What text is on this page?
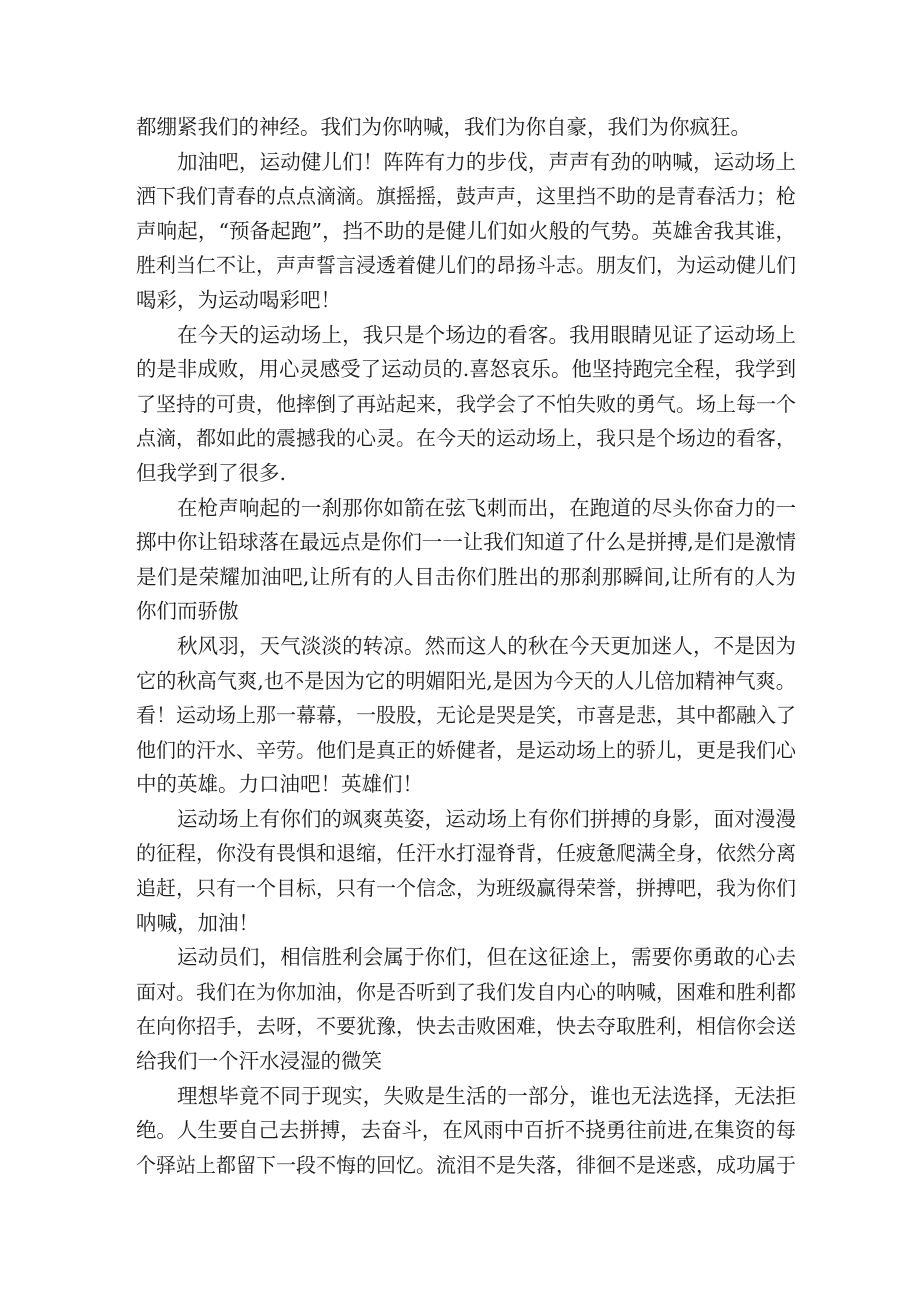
都绷紧我们的神经。我们为你呐喊，我们为你自豪，我们为你疯狂。
加油吧，运动健儿们！阵阵有力的步伐，声声有劲的呐喊，运动场上
洒下我们青春的点点滴滴。旗摇摇，鼓声声，这里挡不助的是青春活力；枪
声响起，“预备起跑”，挡不助的是健儿们如火般的气势。英雄舍我其谁，
胜利当仁不让，声声誓言浸透着健儿们的昂扬斗志。朋友们，为运动健儿们
喝彩，为运动喝彩吧！
在今天的运动场上，我只是个场边的看客。我用眼睛见证了运动场上
的是非成败，用心灵感受了运动员的.喜怒哀乐。他坚持跑完全程，我学到
了坚持的可贵，他摔倒了再站起来，我学会了不怕失败的勇气。场上每一个
点滴，都如此的震撼我的心灵。在今天的运动场上，我只是个场边的看客，
但我学到了很多.
在枪声响起的一刹那你如箭在弦飞刺而出，在跑道的尽头你奋力的一
掷中你让铅球落在最远点是你们一一让我们知道了什么是拼搏,是们是激情
是们是荣耀加油吧,让所有的人目击你们胜出的那刹那瞬间,让所有的人为
你们而骄傲
秋风羽，天气淡淡的转凉。然而这人的秋在今天更加迷人，不是因为
它的秋高气爽,也不是因为它的明媚阳光,是因为今天的人儿倍加精神气爽。
看！运动场上那一幕幕，一股股，无论是哭是笑，市喜是悲，其中都融入了
他们的汗水、辛劳。他们是真正的娇健者，是运动场上的骄儿，更是我们心
中的英雄。力口油吧！英雄们！
运动场上有你们的飒爽英姿，运动场上有你们拼搏的身影，面对漫漫
的征程，你没有畏惧和退缩，任汗水打湿脊背，任疲惫爬满全身，依然分离
追赶，只有一个目标，只有一个信念，为班级赢得荣誉，拼搏吧，我为你们
呐喊，加油！
运动员们，相信胜利会属于你们，但在这征途上，需要你勇敢的心去
面对。我们在为你加油，你是否听到了我们发自内心的呐喊，困难和胜利都
在向你招手，去呀，不要犹豫，快去击败困难，快去夺取胜利，相信你会送
给我们一个汗水浸湿的微笑
理想毕竟不同于现实，失败是生活的一部分，谁也无法选择，无法拒
绝。人生要自己去拼搏，去奋斗，在风雨中百折不挠勇往前进,在集资的每
个驿站上都留下一段不悔的回忆。流泪不是失落，徘徊不是迷惑，成功属于
